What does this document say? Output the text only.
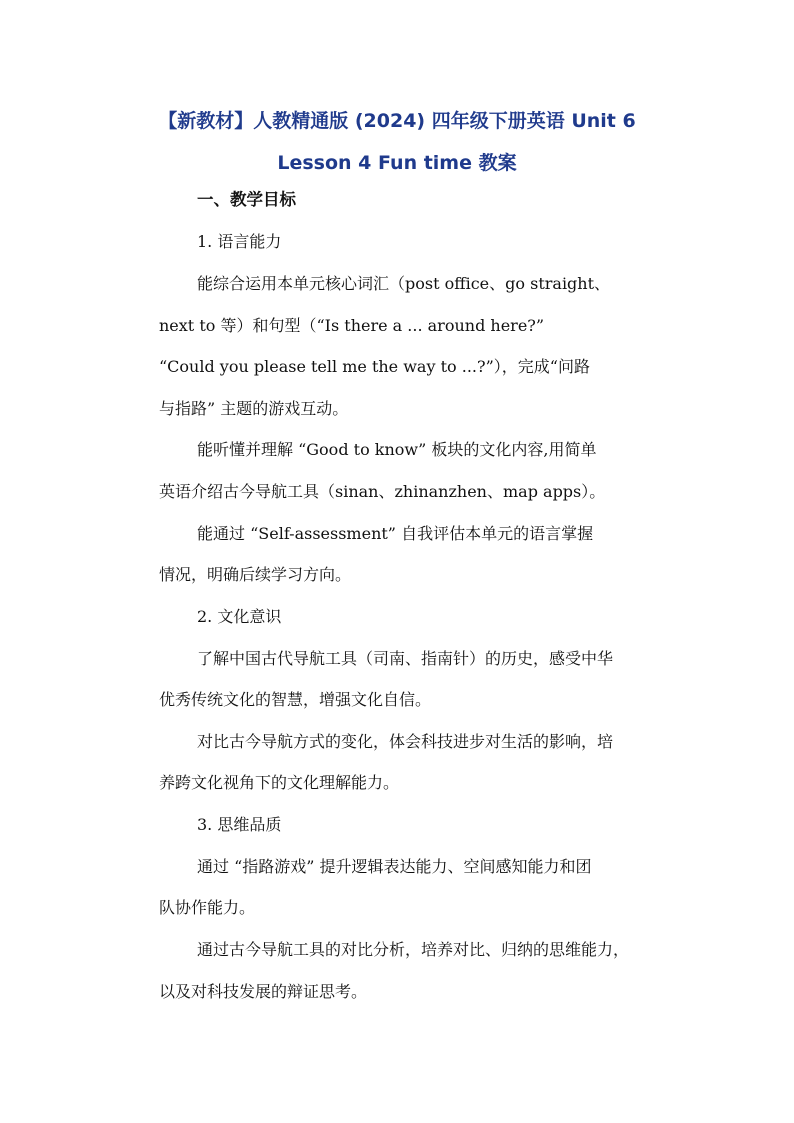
【新教材】人教精通版 (2024) 四年级下册英语 Unit 6
Lesson 4 Fun time 教案
一、教学目标
1. 语言能力
能综合运用本单元核心词汇（post office、go straight、
next to 等）和句型（“Is there a ... around here?”
“Could you please tell me the way to ...?”），完成“问路
与指路” 主题的游戏互动。
能听懂并理解 “Good to know” 板块的文化内容,用简单
英语介绍古今导航工具（sinan、zhinanzhen、map apps）。
能通过 “Self-assessment” 自我评估本单元的语言掌握
情况，明确后续学习方向。
2. 文化意识
了解中国古代导航工具（司南、指南针）的历史，感受中华
优秀传统文化的智慧，增强文化自信。
对比古今导航方式的变化，体会科技进步对生活的影响，培
养跨文化视角下的文化理解能力。
3. 思维品质
通过 “指路游戏” 提升逻辑表达能力、空间感知能力和团
队协作能力。
通过古今导航工具的对比分析，培养对比、归纳的思维能力，
以及对科技发展的辩证思考。
